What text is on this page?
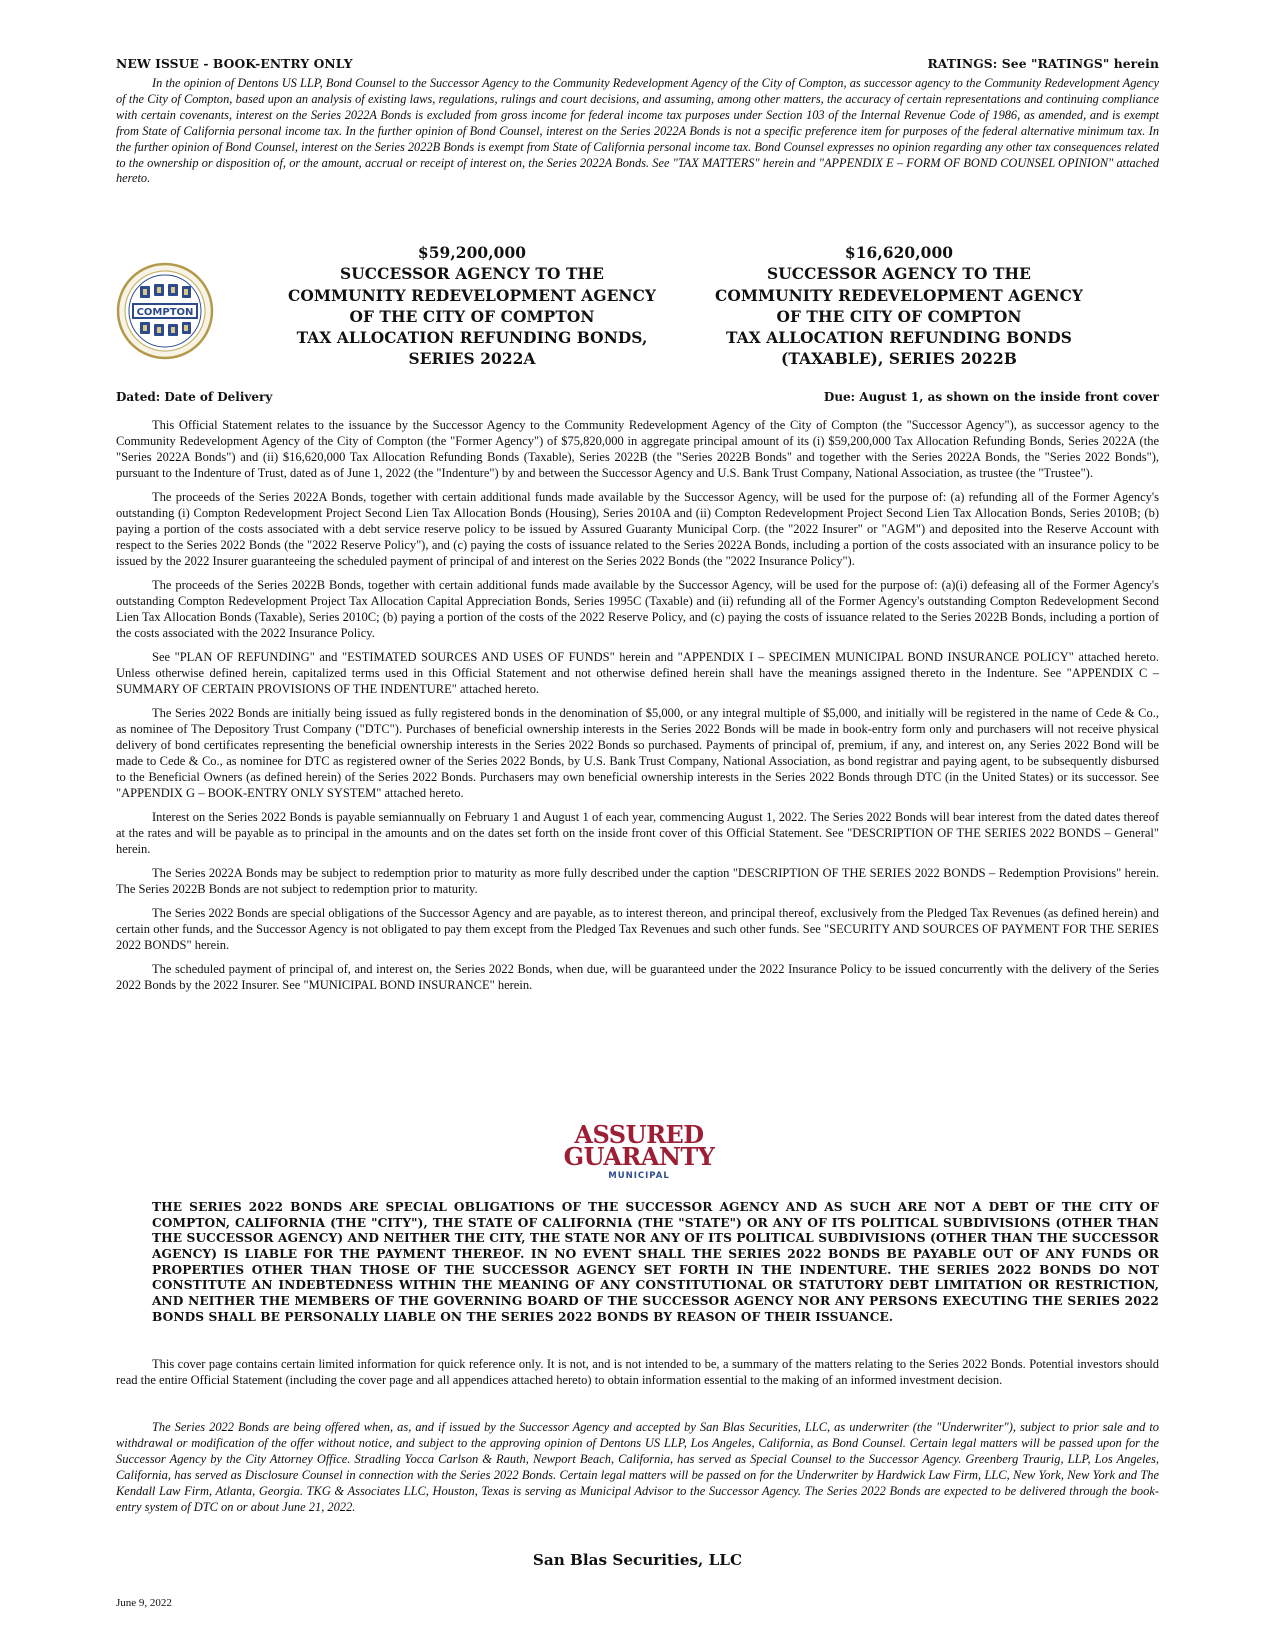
NEW ISSUE - BOOK-ENTRY ONLY	RATINGS: See "RATINGS" herein

In the opinion of Dentons US LLP, Bond Counsel to the Successor Agency to the Community Redevelopment Agency of the City of Compton, as successor agency to the Community Redevelopment Agency of the City of Compton, based upon an analysis of existing laws, regulations, rulings and court decisions, and assuming, among other matters, the accuracy of certain representations and continuing compliance with certain covenants, interest on the Series 2022A Bonds is excluded from gross income for federal income tax purposes under Section 103 of the Internal Revenue Code of 1986, as amended, and is exempt from State of California personal income tax. In the further opinion of Bond Counsel, interest on the Series 2022A Bonds is not a specific preference item for purposes of the federal alternative minimum tax. In the further opinion of Bond Counsel, interest on the Series 2022B Bonds is exempt from State of California personal income tax. Bond Counsel expresses no opinion regarding any other tax consequences related to the ownership or disposition of, or the amount, accrual or receipt of interest on, the Series 2022A Bonds. See "TAX MATTERS" herein and "APPENDIX E – FORM OF BOND COUNSEL OPINION" attached hereto.

COMPTON
$59,200,000
SUCCESSOR AGENCY TO THE
COMMUNITY REDEVELOPMENT AGENCY
OF THE CITY OF COMPTON
TAX ALLOCATION REFUNDING BONDS,
SERIES 2022A
$16,620,000
SUCCESSOR AGENCY TO THE
COMMUNITY REDEVELOPMENT AGENCY
OF THE CITY OF COMPTON
TAX ALLOCATION REFUNDING BONDS
(TAXABLE), SERIES 2022B
Dated: Date of Delivery	Due: August 1, as shown on the inside front cover

This Official Statement relates to the issuance by the Successor Agency to the Community Redevelopment Agency of the City of Compton (the "Successor Agency"), as successor agency to the Community Redevelopment Agency of the City of Compton (the "Former Agency") of $75,820,000 in aggregate principal amount of its (i) $59,200,000 Tax Allocation Refunding Bonds, Series 2022A (the "Series 2022A Bonds") and (ii) $16,620,000 Tax Allocation Refunding Bonds (Taxable), Series 2022B (the "Series 2022B Bonds" and together with the Series 2022A Bonds, the "Series 2022 Bonds"), pursuant to the Indenture of Trust, dated as of June 1, 2022 (the "Indenture") by and between the Successor Agency and U.S. Bank Trust Company, National Association, as trustee (the "Trustee").

The proceeds of the Series 2022A Bonds, together with certain additional funds made available by the Successor Agency, will be used for the purpose of: (a) refunding all of the Former Agency's outstanding (i) Compton Redevelopment Project Second Lien Tax Allocation Bonds (Housing), Series 2010A and (ii) Compton Redevelopment Project Second Lien Tax Allocation Bonds, Series 2010B; (b) paying a portion of the costs associated with a debt service reserve policy to be issued by Assured Guaranty Municipal Corp. (the "2022 Insurer" or "AGM") and deposited into the Reserve Account with respect to the Series 2022 Bonds (the "2022 Reserve Policy"), and (c) paying the costs of issuance related to the Series 2022A Bonds, including a portion of the costs associated with an insurance policy to be issued by the 2022 Insurer guaranteeing the scheduled payment of principal of and interest on the Series 2022 Bonds (the "2022 Insurance Policy").

The proceeds of the Series 2022B Bonds, together with certain additional funds made available by the Successor Agency, will be used for the purpose of: (a)(i) defeasing all of the Former Agency's outstanding Compton Redevelopment Project Tax Allocation Capital Appreciation Bonds, Series 1995C (Taxable) and (ii) refunding all of the Former Agency's outstanding Compton Redevelopment Second Lien Tax Allocation Bonds (Taxable), Series 2010C; (b) paying a portion of the costs of the 2022 Reserve Policy, and (c) paying the costs of issuance related to the Series 2022B Bonds, including a portion of the costs associated with the 2022 Insurance Policy.

See "PLAN OF REFUNDING" and "ESTIMATED SOURCES AND USES OF FUNDS" herein and "APPENDIX I – SPECIMEN MUNICIPAL BOND INSURANCE POLICY" attached hereto. Unless otherwise defined herein, capitalized terms used in this Official Statement and not otherwise defined herein shall have the meanings assigned thereto in the Indenture. See "APPENDIX C – SUMMARY OF CERTAIN PROVISIONS OF THE INDENTURE" attached hereto.

The Series 2022 Bonds are initially being issued as fully registered bonds in the denomination of $5,000, or any integral multiple of $5,000, and initially will be registered in the name of Cede & Co., as nominee of The Depository Trust Company ("DTC"). Purchases of beneficial ownership interests in the Series 2022 Bonds will be made in book-entry form only and purchasers will not receive physical delivery of bond certificates representing the beneficial ownership interests in the Series 2022 Bonds so purchased. Payments of principal of, premium, if any, and interest on, any Series 2022 Bond will be made to Cede & Co., as nominee for DTC as registered owner of the Series 2022 Bonds, by U.S. Bank Trust Company, National Association, as bond registrar and paying agent, to be subsequently disbursed to the Beneficial Owners (as defined herein) of the Series 2022 Bonds. Purchasers may own beneficial ownership interests in the Series 2022 Bonds through DTC (in the United States) or its successor. See "APPENDIX G – BOOK-ENTRY ONLY SYSTEM" attached hereto.

Interest on the Series 2022 Bonds is payable semiannually on February 1 and August 1 of each year, commencing August 1, 2022. The Series 2022 Bonds will bear interest from the dated dates thereof at the rates and will be payable as to principal in the amounts and on the dates set forth on the inside front cover of this Official Statement. See "DESCRIPTION OF THE SERIES 2022 BONDS – General" herein.

The Series 2022A Bonds may be subject to redemption prior to maturity as more fully described under the caption "DESCRIPTION OF THE SERIES 2022 BONDS – Redemption Provisions" herein. The Series 2022B Bonds are not subject to redemption prior to maturity.

The Series 2022 Bonds are special obligations of the Successor Agency and are payable, as to interest thereon, and principal thereof, exclusively from the Pledged Tax Revenues (as defined herein) and certain other funds, and the Successor Agency is not obligated to pay them except from the Pledged Tax Revenues and such other funds. See "SECURITY AND SOURCES OF PAYMENT FOR THE SERIES 2022 BONDS" herein.

The scheduled payment of principal of, and interest on, the Series 2022 Bonds, when due, will be guaranteed under the 2022 Insurance Policy to be issued concurrently with the delivery of the Series 2022 Bonds by the 2022 Insurer. See "MUNICIPAL BOND INSURANCE" herein.

ASSURED
GUARANTY
MUNICIPAL

THE SERIES 2022 BONDS ARE SPECIAL OBLIGATIONS OF THE SUCCESSOR AGENCY AND AS SUCH ARE NOT A DEBT OF THE CITY OF COMPTON, CALIFORNIA (THE "CITY"), THE STATE OF CALIFORNIA (THE "STATE") OR ANY OF ITS POLITICAL SUBDIVISIONS (OTHER THAN THE SUCCESSOR AGENCY) AND NEITHER THE CITY, THE STATE NOR ANY OF ITS POLITICAL SUBDIVISIONS (OTHER THAN THE SUCCESSOR AGENCY) IS LIABLE FOR THE PAYMENT THEREOF. IN NO EVENT SHALL THE SERIES 2022 BONDS BE PAYABLE OUT OF ANY FUNDS OR PROPERTIES OTHER THAN THOSE OF THE SUCCESSOR AGENCY SET FORTH IN THE INDENTURE. THE SERIES 2022 BONDS DO NOT CONSTITUTE AN INDEBTEDNESS WITHIN THE MEANING OF ANY CONSTITUTIONAL OR STATUTORY DEBT LIMITATION OR RESTRICTION, AND NEITHER THE MEMBERS OF THE GOVERNING BOARD OF THE SUCCESSOR AGENCY NOR ANY PERSONS EXECUTING THE SERIES 2022 BONDS SHALL BE PERSONALLY LIABLE ON THE SERIES 2022 BONDS BY REASON OF THEIR ISSUANCE.

This cover page contains certain limited information for quick reference only. It is not, and is not intended to be, a summary of the matters relating to the Series 2022 Bonds. Potential investors should read the entire Official Statement (including the cover page and all appendices attached hereto) to obtain information essential to the making of an informed investment decision.

The Series 2022 Bonds are being offered when, as, and if issued by the Successor Agency and accepted by San Blas Securities, LLC, as underwriter (the "Underwriter"), subject to prior sale and to withdrawal or modification of the offer without notice, and subject to the approving opinion of Dentons US LLP, Los Angeles, California, as Bond Counsel. Certain legal matters will be passed upon for the Successor Agency by the City Attorney Office. Stradling Yocca Carlson & Rauth, Newport Beach, California, has served as Special Counsel to the Successor Agency. Greenberg Traurig, LLP, Los Angeles, California, has served as Disclosure Counsel in connection with the Series 2022 Bonds. Certain legal matters will be passed on for the Underwriter by Hardwick Law Firm, LLC, New York, New York and The Kendall Law Firm, Atlanta, Georgia. TKG & Associates LLC, Houston, Texas is serving as Municipal Advisor to the Successor Agency. The Series 2022 Bonds are expected to be delivered through the book-entry system of DTC on or about June 21, 2022.

San Blas Securities, LLC
June 9, 2022
